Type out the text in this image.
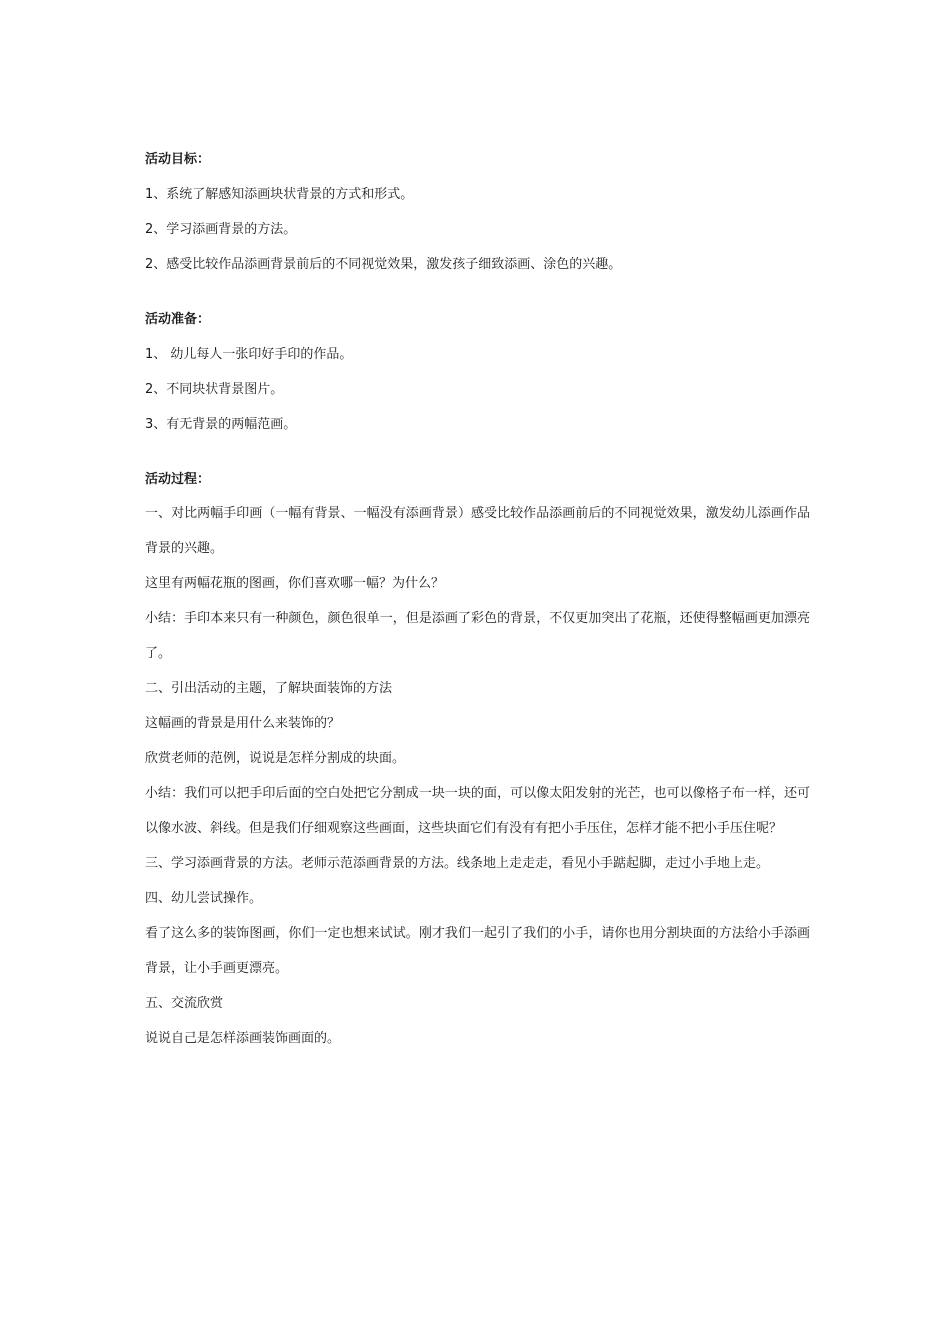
活动目标：

1、系统了解感知添画块状背景的方式和形式。

2、学习添画背景的方法。

2、感受比较作品添画背景前后的不同视觉效果，激发孩子细致添画、涂色的兴趣。

活动准备：

1、 幼儿每人一张印好手印的作品。

2、不同块状背景图片。

3、有无背景的两幅范画。

活动过程：

一、对比两幅手印画（一幅有背景、一幅没有添画背景）感受比较作品添画前后的不同视觉效果，激发幼儿添画作品背景的兴趣。

这里有两幅花瓶的图画，你们喜欢哪一幅？为什么？

小结：手印本来只有一种颜色，颜色很单一，但是添画了彩色的背景，不仅更加突出了花瓶，还使得整幅画更加漂亮了。

二、引出活动的主题，了解块面装饰的方法

这幅画的背景是用什么来装饰的？

欣赏老师的范例，说说是怎样分割成的块面。

小结：我们可以把手印后面的空白处把它分割成一块一块的面，可以像太阳发射的光芒，也可以像格子布一样，还可以像水波、斜线。但是我们仔细观察这些画面，这些块面它们有没有有把小手压住，怎样才能不把小手压住呢？

三、学习添画背景的方法。老师示范添画背景的方法。线条地上走走走，看见小手踮起脚，走过小手地上走。

四、幼儿尝试操作。

看了这么多的装饰图画，你们一定也想来试试。刚才我们一起引了我们的小手，请你也用分割块面的方法给小手添画背景，让小手画更漂亮。

五、交流欣赏

说说自己是怎样添画装饰画面的。
